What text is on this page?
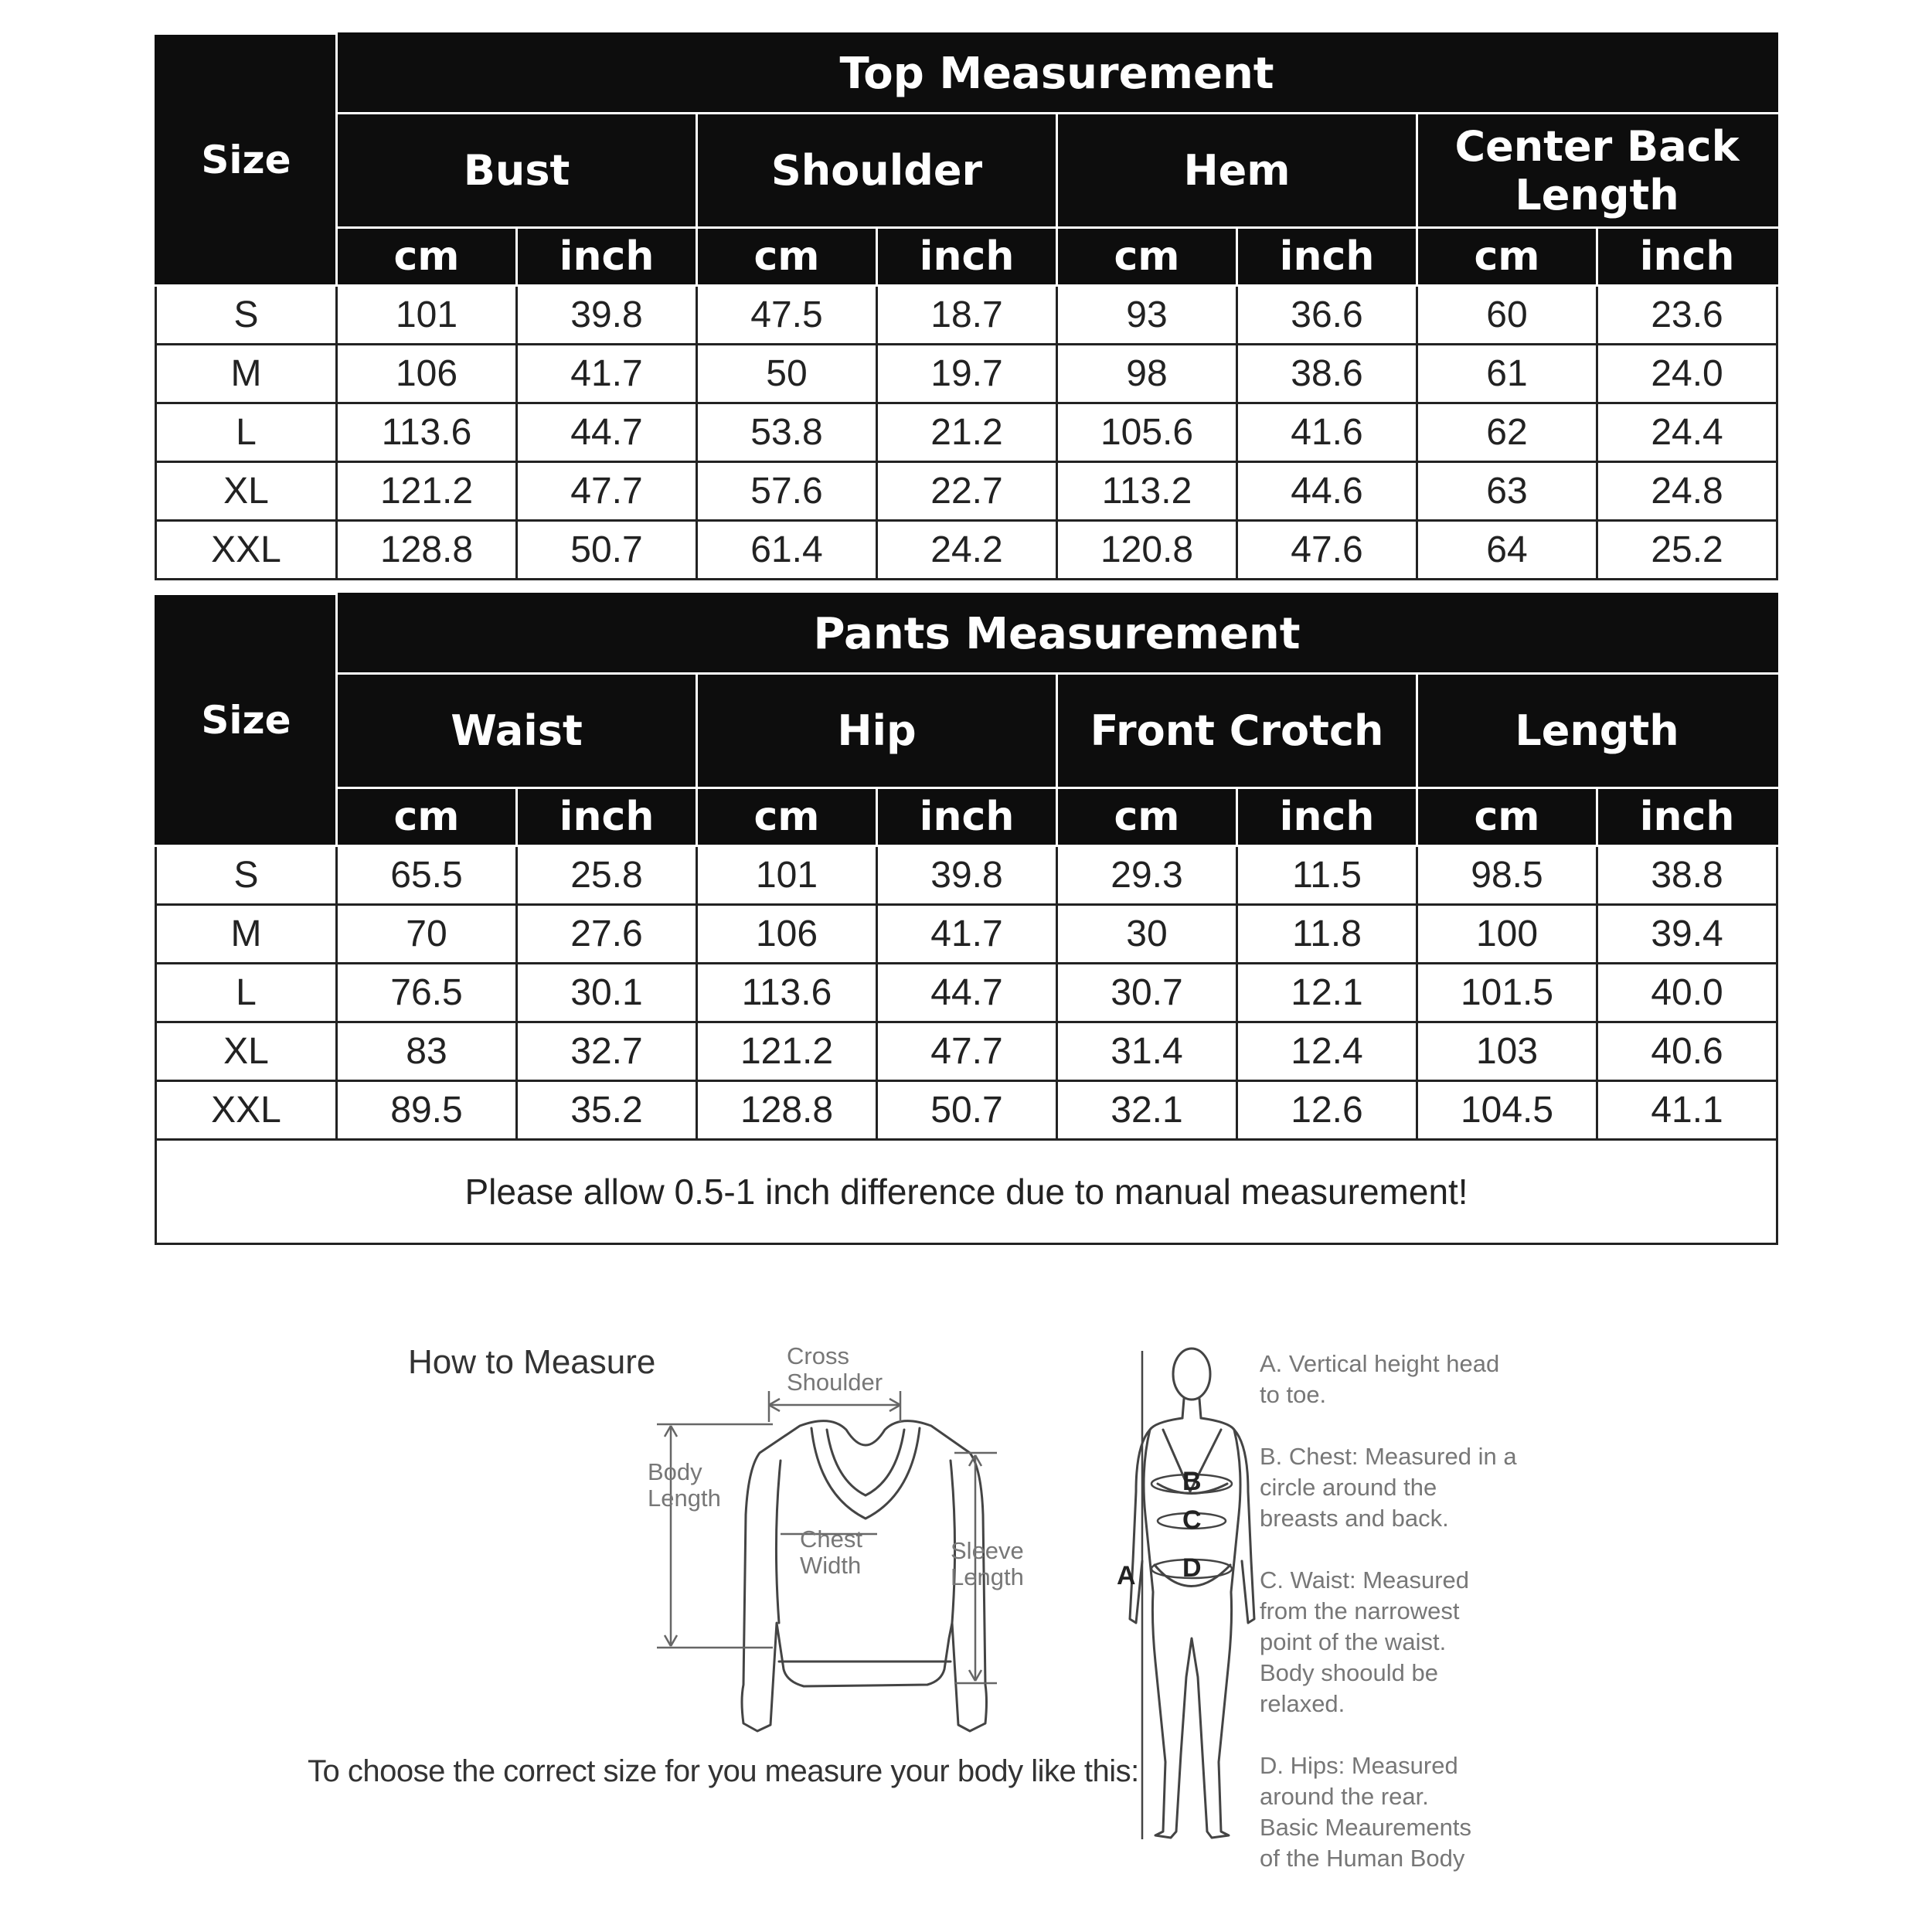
Size	Top Measurement							
	Bust		Shoulder		Hem		Center Back Length	
	cm	inch	cm	inch	cm	inch	cm	inch
S	101	39.8	47.5	18.7	93	36.6	60	23.6
M	106	41.7	50	19.7	98	38.6	61	24.0
L	113.6	44.7	53.8	21.2	105.6	41.6	62	24.4
XL	121.2	47.7	57.6	22.7	113.2	44.6	63	24.8
XXL	128.8	50.7	61.4	24.2	120.8	47.6	64	25.2
Size	Pants Measurement							
	Waist		Hip		Front Crotch		Length	
	cm	inch	cm	inch	cm	inch	cm	inch
S	65.5	25.8	101	39.8	29.3	11.5	98.5	38.8
M	70	27.6	106	41.7	30	11.8	100	39.4
L	76.5	30.1	113.6	44.7	30.7	12.1	101.5	40.0
XL	83	32.7	121.2	47.7	31.4	12.4	103	40.6
XXL	89.5	35.2	128.8	50.7	32.1	12.6	104.5	41.1
Please allow 0.5-1 inch difference due to manual measurement!								
How to Measure
To choose the correct size for you measure your body like this:
Cross
Shoulder
Body
Length
Chest
Width
Sleeve
Length	A
B
C
D
A. Vertical height head
to toe.
B. Chest: Measured in a
circle around the
breasts and back.
C. Waist: Measured
from the narrowest
point of the waist.
Body shoould be
relaxed.
D. Hips: Measured
around the rear.
Basic Meaurements
of the Human Body
